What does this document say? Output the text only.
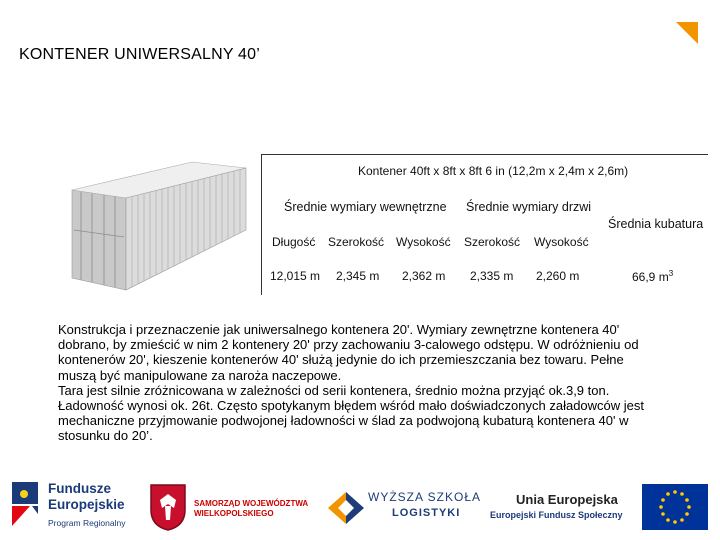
KONTENER UNIWERSALNY 40’
Kontener 40ft x 8ft x 8ft 6 in (12,2m x 2,4m x 2,6m)
Średnie wymiary wewnętrzne Średnie wymiary drzwi
Średnia kubatura
Długość Szerokość Wysokość Szerokość Wysokość
12,015 m 2,345 m 2,362 m 2,335 m 2,260 m	66,9 $m^3$

Konstrukcja i przeznaczenie jak uniwersalnego kontenera 20'. Wymiary zewnętrzne kontenera 40' dobrano, by zmieścić w nim 2 kontenery 20' przy zachowaniu 3-calowego odstępu. W odróżnieniu od kontenerów 20', kieszenie kontenerów 40' służą jedynie do ich przemieszczania bez towaru. Pełne muszą być manipulowane za naroża naczepowe.

Tara jest silnie zróżnicowana w zależności od serii kontenera, średnio można przyjąć ok.3,9 ton. Ładowność wynosi ok. 26t. Często spotykanym błędem wśród mało doświadczonych załadowców jest mechaniczne przyjmowanie podwojonej ładowności w ślad za podwojoną kubaturą kontenera 40' w stosunku do 20’.

Fundusze
Europejskie
Program Regionalny
SAMORZĄD WOJEWÓDZTWA
WIELKOPOLSKIEGO
WYŻSZA SZKOŁA
LOGISTYKI
Unia Europejska
Europejski Fundusz Społeczny
